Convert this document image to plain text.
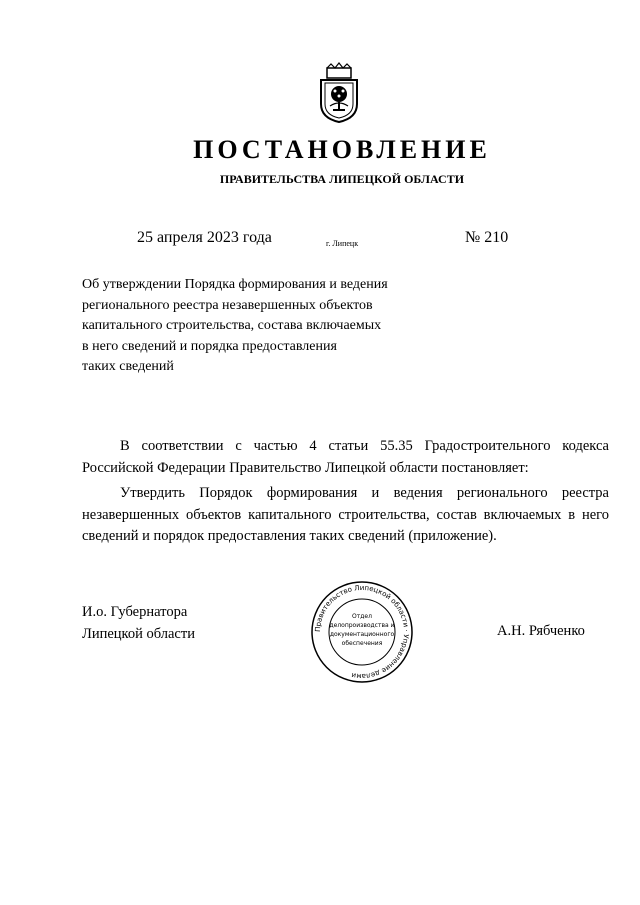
ПОСТАНОВЛЕНИЕ
ПРАВИТЕЛЬСТВА ЛИПЕЦКОЙ ОБЛАСТИ
25 апреля 2023 года	г. Липецк	№ 210
Об утверждении Порядка формирования и ведения
регионального реестра незавершенных объектов
капитального строительства, состава включаемых
в него сведений и порядка предоставления
таких сведений

В соответствии с частью 4 статьи 55.35 Градостроительного кодекса Российской Федерации Правительство Липецкой области постановляет:

Утвердить Порядок формирования и ведения регионального реестра незавершенных объектов капитального строительства, состав включаемых в него сведений и порядок предоставления таких сведений (приложение).

И.о. Губернатора
Липецкой области	А.Н. Рябченко
Правительство Липецкой области · Управление делами
Отдел
делопроизводства и
документационного
обеспечения
